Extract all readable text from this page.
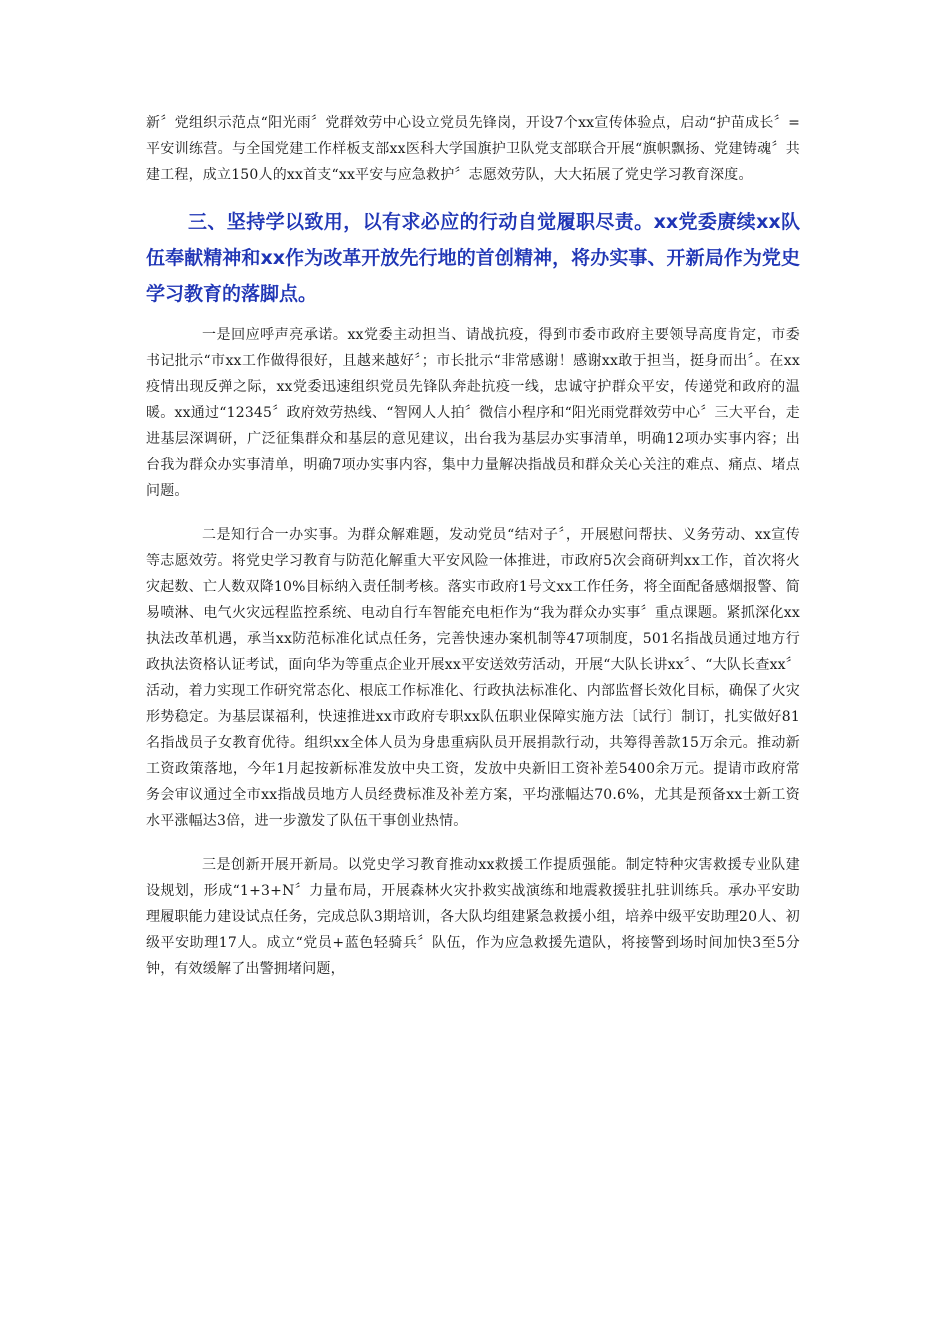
新〞党组织示范点“阳光雨〞党群效劳中心设立党员先锋岗，开设7个xx宣传体验点，启动“护苗成长〞=平安训练营。与全国党建工作样板支部xx医科大学国旗护卫队党支部联合开展“旗帜飘扬、党建铸魂〞共建工程，成立150人的xx首支“xx平安与应急救护〞志愿效劳队，大大拓展了党史学习教育深度。

三、坚持学以致用，以有求必应的行动自觉履职尽责。xx党委赓续xx队伍奉献精神和xx作为改革开放先行地的首创精神，将办实事、开新局作为党史学习教育的落脚点。

一是回应呼声亮承诺。xx党委主动担当、请战抗疫，得到市委市政府主要领导高度肯定，市委书记批示“市xx工作做得很好，且越来越好〞；市长批示“非常感谢！感谢xx敢于担当，挺身而出〞。在xx疫情出现反弹之际，xx党委迅速组织党员先锋队奔赴抗疫一线，忠诚守护群众平安，传递党和政府的温暖。xx通过“12345〞政府效劳热线、“智网人人拍〞微信小程序和“阳光雨党群效劳中心〞三大平台，走进基层深调研，广泛征集群众和基层的意见建议，出台我为基层办实事清单，明确12项办实事内容；出台我为群众办实事清单，明确7项办实事内容，集中力量解决指战员和群众关心关注的难点、痛点、堵点问题。

二是知行合一办实事。为群众解难题，发动党员“结对子〞，开展慰问帮扶、义务劳动、xx宣传等志愿效劳。将党史学习教育与防范化解重大平安风险一体推进，市政府5次会商研判xx工作，首次将火灾起数、亡人数双降10%目标纳入责任制考核。落实市政府1号文xx工作任务，将全面配备感烟报警、简易喷淋、电气火灾远程监控系统、电动自行车智能充电柜作为“我为群众办实事〞重点课题。紧抓深化xx执法改革机遇，承当xx防范标准化试点任务，完善快速办案机制等47项制度，501名指战员通过地方行政执法资格认证考试，面向华为等重点企业开展xx平安送效劳活动，开展“大队长讲xx〞、“大队长查xx〞活动，着力实现工作研究常态化、根底工作标准化、行政执法标准化、内部监督长效化目标，确保了火灾形势稳定。为基层谋福利，快速推进xx市政府专职xx队伍职业保障实施方法〔试行〕制订，扎实做好81名指战员子女教育优待。组织xx全体人员为身患重病队员开展捐款行动，共筹得善款15万余元。推动新工资政策落地，今年1月起按新标准发放中央工资，发放中央新旧工资补差5400余万元。提请市政府常务会审议通过全市xx指战员地方人员经费标准及补差方案，平均涨幅达70.6%，尤其是预备xx士新工资水平涨幅达3倍，进一步激发了队伍干事创业热情。

三是创新开展开新局。以党史学习教育推动xx救援工作提质强能。制定特种灾害救援专业队建设规划，形成“1+3+N〞力量布局，开展森林火灾扑救实战演练和地震救援驻扎驻训练兵。承办平安助理履职能力建设试点任务，完成总队3期培训，各大队均组建紧急救援小组，培养中级平安助理20人、初级平安助理17人。成立“党员+蓝色轻骑兵〞队伍，作为应急救援先遣队，将接警到场时间加快3至5分钟，有效缓解了出警拥堵问题，
